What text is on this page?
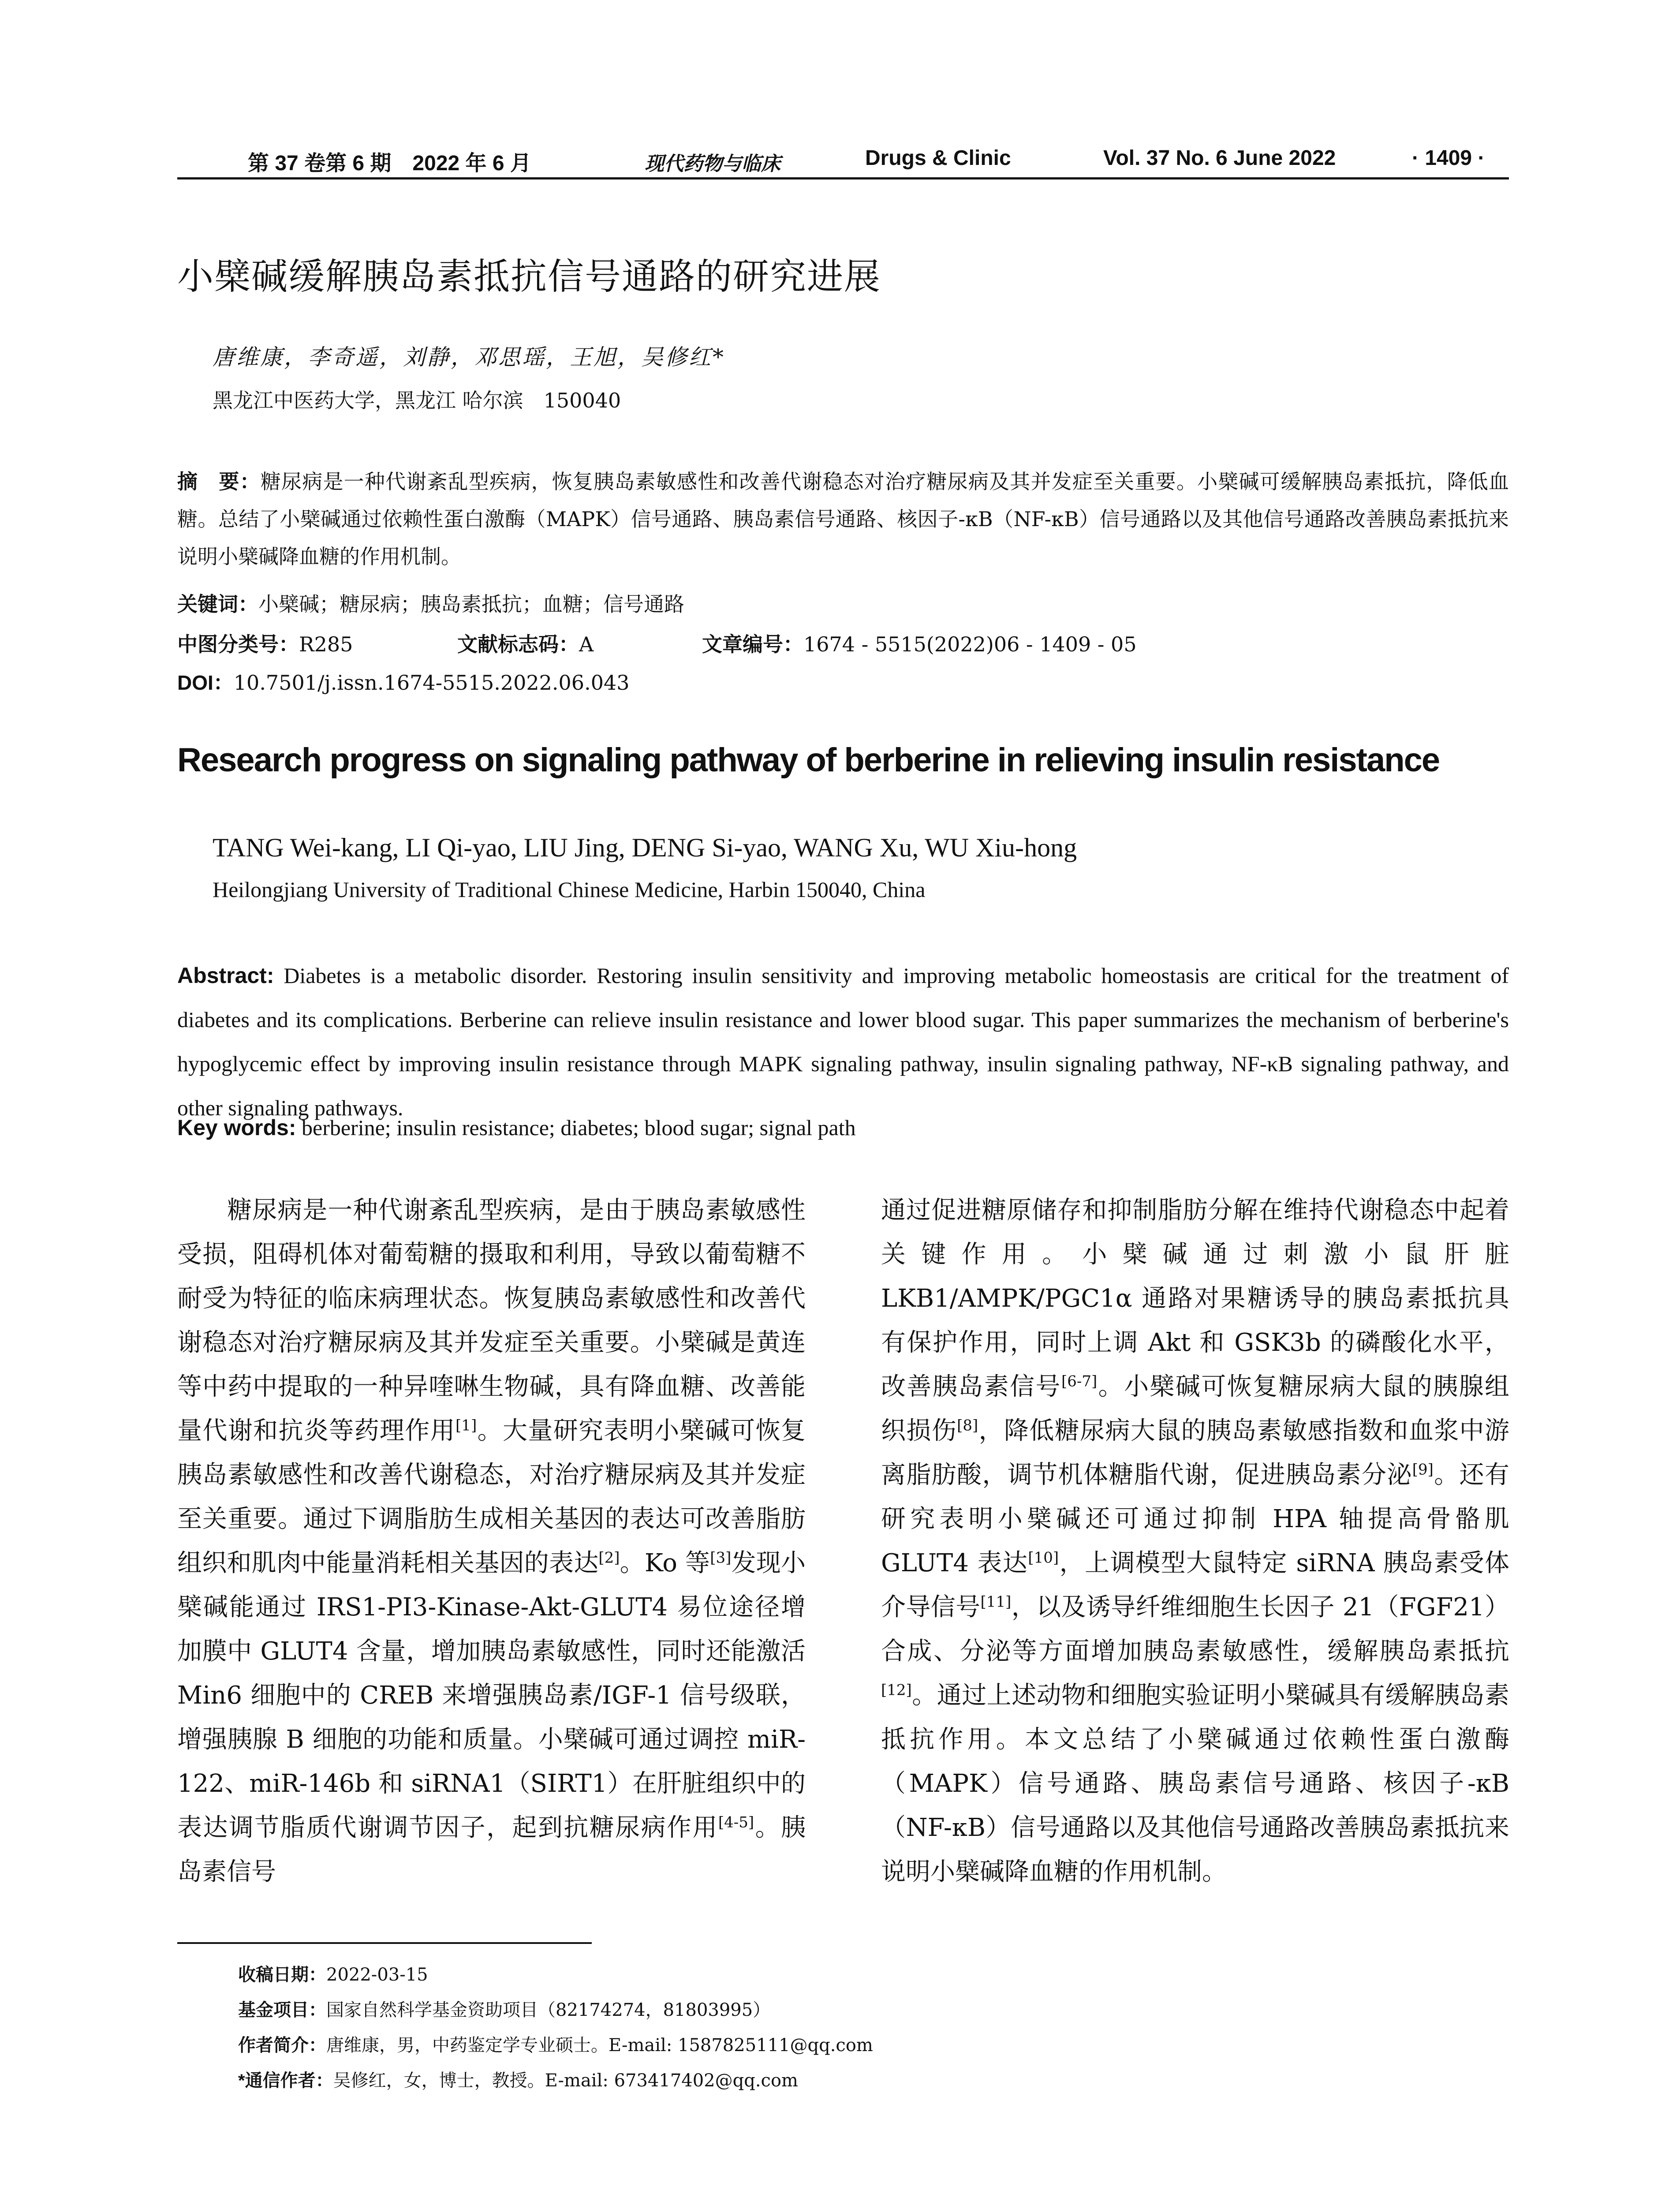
第 37 卷第 6 期　2022 年 6 月	现代药物与临床	Drugs & Clinic	Vol. 37 No. 6 June 2022	· 1409 ·
小檗碱缓解胰岛素抵抗信号通路的研究进展
唐维康，李奇遥，刘静，邓思瑶，王旭，吴修红*
黑龙江中医药大学，黑龙江 哈尔滨　150040
摘　要：糖尿病是一种代谢紊乱型疾病，恢复胰岛素敏感性和改善代谢稳态对治疗糖尿病及其并发症至关重要。小檗碱可缓解胰岛素抵抗，降低血糖。总结了小檗碱通过依赖性蛋白激酶（MAPK）信号通路、胰岛素信号通路、核因子-κB（NF-κB）信号通路以及其他信号通路改善胰岛素抵抗来说明小檗碱降血糖的作用机制。
关键词：小檗碱；糖尿病；胰岛素抵抗；血糖；信号通路
中图分类号：R285	文献标志码：A	文章编号：1674 - 5515(2022)06 - 1409 - 05
DOI：10.7501/j.issn.1674-5515.2022.06.043
Research progress on signaling pathway of berberine in relieving insulin resistance
TANG Wei-kang, LI Qi-yao, LIU Jing, DENG Si-yao, WANG Xu, WU Xiu-hong
Heilongjiang University of Traditional Chinese Medicine, Harbin 150040, China
Abstract: Diabetes is a metabolic disorder. Restoring insulin sensitivity and improving metabolic homeostasis are critical for the treatment of diabetes and its complications. Berberine can relieve insulin resistance and lower blood sugar. This paper summarizes the mechanism of berberine's hypoglycemic effect by improving insulin resistance through MAPK signaling pathway, insulin signaling pathway, NF-κB signaling pathway, and other signaling pathways.
Key words: berberine; insulin resistance; diabetes; blood sugar; signal path
糖尿病是一种代谢紊乱型疾病，是由于胰岛素敏感性受损，阻碍机体对葡萄糖的摄取和利用，导致以葡萄糖不耐受为特征的临床病理状态。恢复胰岛素敏感性和改善代谢稳态对治疗糖尿病及其并发症至关重要。小檗碱是黄连等中药中提取的一种异喹啉生物碱，具有降血糖、改善能量代谢和抗炎等药理作用[1]。大量研究表明小檗碱可恢复胰岛素敏感性和改善代谢稳态，对治疗糖尿病及其并发症至关重要。通过下调脂肪生成相关基因的表达可改善脂肪组织和肌肉中能量消耗相关基因的表达[2]。Ko 等[3]发现小檗碱能通过 IRS1-PI3-Kinase-Akt-GLUT4 易位途径增加膜中 GLUT4 含量，增加胰岛素敏感性，同时还能激活 Min6 细胞中的 CREB 来增强胰岛素/IGF-1 信号级联，增强胰腺 B 细胞的功能和质量。小檗碱可通过调控 miR-122、miR-146b 和 siRNA1（SIRT1）在肝脏组织中的表达调节脂质代谢调节因子，起到抗糖尿病作用[4-5]。胰岛素信号
通过促进糖原储存和抑制脂肪分解在维持代谢稳态中起着关键作用。小檗碱通过刺激小鼠肝脏 LKB1/AMPK/PGC1α 通路对果糖诱导的胰岛素抵抗具有保护作用，同时上调 Akt 和 GSK3b 的磷酸化水平，改善胰岛素信号[6-7]。小檗碱可恢复糖尿病大鼠的胰腺组织损伤[8]，降低糖尿病大鼠的胰岛素敏感指数和血浆中游离脂肪酸，调节机体糖脂代谢，促进胰岛素分泌[9]。还有研究表明小檗碱还可通过抑制 HPA 轴提高骨骼肌 GLUT4 表达[10]，上调模型大鼠特定 siRNA 胰岛素受体介导信号[11]，以及诱导纤维细胞生长因子 21（FGF21）合成、分泌等方面增加胰岛素敏感性，缓解胰岛素抵抗[12]。通过上述动物和细胞实验证明小檗碱具有缓解胰岛素抵抗作用。本文总结了小檗碱通过依赖性蛋白激酶（MAPK）信号通路、胰岛素信号通路、核因子-κB（NF-κB）信号通路以及其他信号通路改善胰岛素抵抗来说明小檗碱降血糖的作用机制。
收稿日期：2022-03-15
基金项目：国家自然科学基金资助项目（82174274，81803995）
作者简介：唐维康，男，中药鉴定学专业硕士。E-mail: 1587825111@qq.com
*通信作者：吴修红，女，博士，教授。E-mail: 673417402@qq.com
